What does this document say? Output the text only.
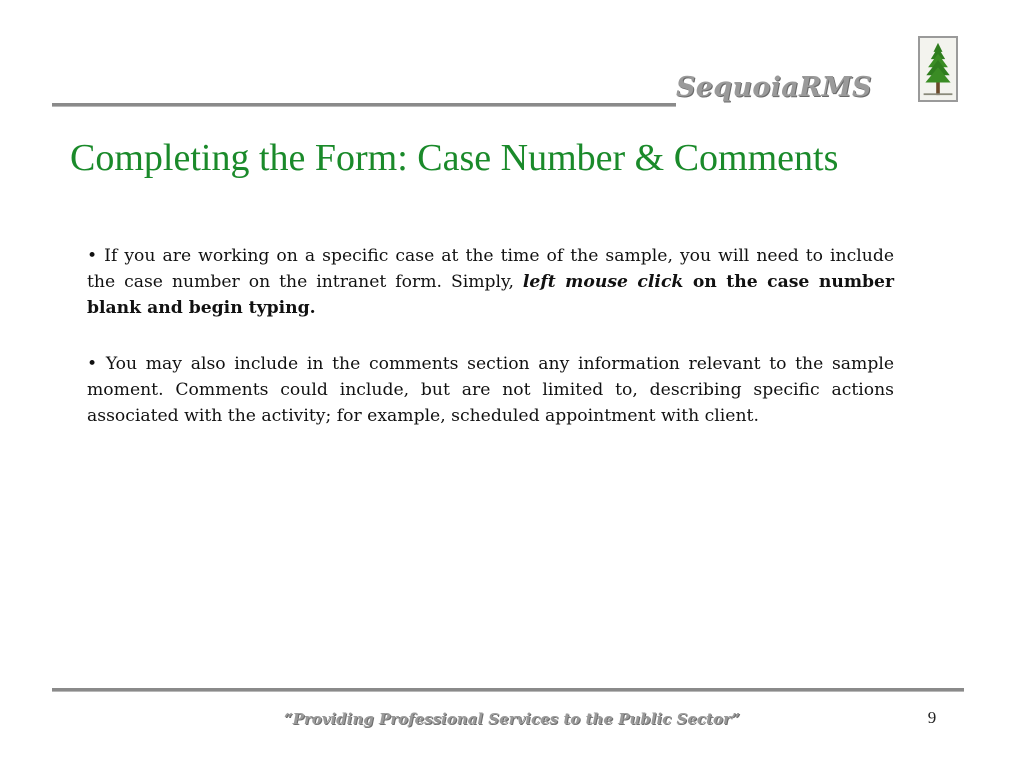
SequoiaRMS
Completing the Form: Case Number & Comments

• If you are working on a specific case at the time of the sample, you will need to include the case number on the intranet form. Simply, left mouse click on the case number blank and begin typing.

• You may also include in the comments section any information relevant to the sample moment. Comments could include, but are not limited to, describing specific actions associated with the activity; for example, scheduled appointment with client.

“Providing Professional Services to the Public Sector”	9
